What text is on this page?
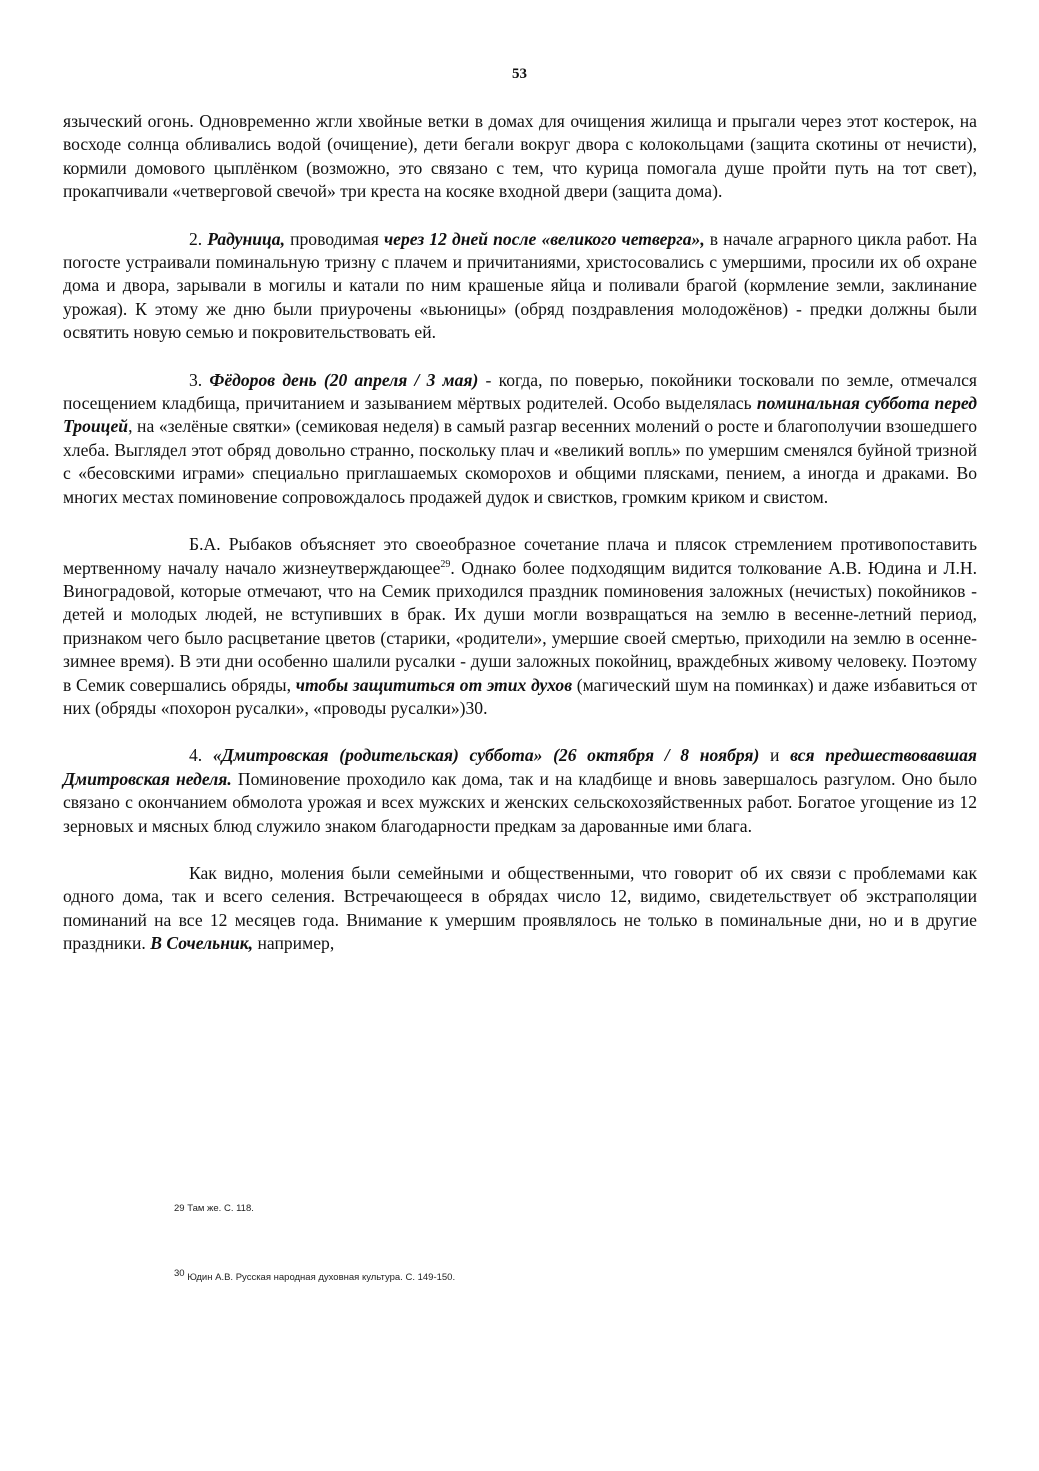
53

языческий огонь. Одновременно жгли хвойные ветки в домах для очищения жилища и прыгали через этот костерок, на восходе солнца обливались водой (очищение), дети бегали вокруг двора с колокольцами (защита скотины от нечисти), кормили домового цыплёнком (возможно, это связано с тем, что курица помогала душе пройти путь на тот свет), прокапчивали «четверговой свечой» три креста на косяке входной двери (защита дома).

2. Радуница, проводимая через 12 дней после «великого четверга», в начале аграрного цикла работ. На погосте устраивали поминальную тризну с плачем и причитаниями, христосовались с умершими, просили их об охране дома и двора, зарывали в могилы и катали по ним крашеные яйца и поливали брагой (кормление земли, заклинание урожая). К этому же дню были приурочены «вьюницы» (обряд поздравления молодожёнов) - предки должны были освятить новую семью и покровительствовать ей.

3. Фёдоров день (20 апреля / 3 мая) - когда, по поверью, покойники тосковали по земле, отмечался посещением кладбища, причитанием и зазыванием мёртвых родителей. Особо выделялась поминальная суббота перед Троицей, на «зелёные святки» (семиковая неделя) в самый разгар весенних молений о росте и благополучии взошедшего хлеба. Выглядел этот обряд довольно странно, поскольку плач и «великий вопль» по умершим сменялся буйной тризной с «бесовскими играми» специально приглашаемых скоморохов и общими плясками, пением, а иногда и драками. Во многих местах поминовение сопровождалось продажей дудок и свистков, громким криком и свистом.

Б.А. Рыбаков объясняет это своеобразное сочетание плача и плясок стремлением противопоставить мертвенному началу начало жизнеутверждающее$^{29}$. Однако более подходящим видится толкование А.В. Юдина и Л.Н. Виноградовой, которые отмечают, что на Семик приходился праздник поминовения заложных (нечистых) покойников - детей и молодых людей, не вступивших в брак. Их души могли возвращаться на землю в весенне-летний период, признаком чего было расцветание цветов (старики, «родители», умершие своей смертью, приходили на землю в осенне-зимнее время). В эти дни особенно шалили русалки - души заложных покойниц, враждебных живому человеку. Поэтому в Семик совершались обряды, чтобы защититься от этих духов (магический шум на поминках) и даже избавиться от них (обряды «похорон русалки», «проводы русалки»)30.

4. «Дмитровская (родительская) суббота» (26 октября / 8 ноября) и вся предшествовавшая Дмитровская неделя. Поминовение проходило как дома, так и на кладбище и вновь завершалось разгулом. Оно было связано с окончанием обмолота урожая и всех мужских и женских сельскохозяйственных работ. Богатое угощение из 12 зерновых и мясных блюд служило знаком благодарности предкам за дарованные ими блага.

Как видно, моления были семейными и общественными, что говорит об их связи с проблемами как одного дома, так и всего селения. Встречающееся в обрядах число 12, видимо, свидетельствует об экстраполяции поминаний на все 12 месяцев года. Внимание к умершим проявлялось не только в поминальные дни, но и в другие праздники. В Сочельник, например,

29 Там же. С. 118.
30 Юдин А.В. Русская народная духовная культура. С. 149-150.
